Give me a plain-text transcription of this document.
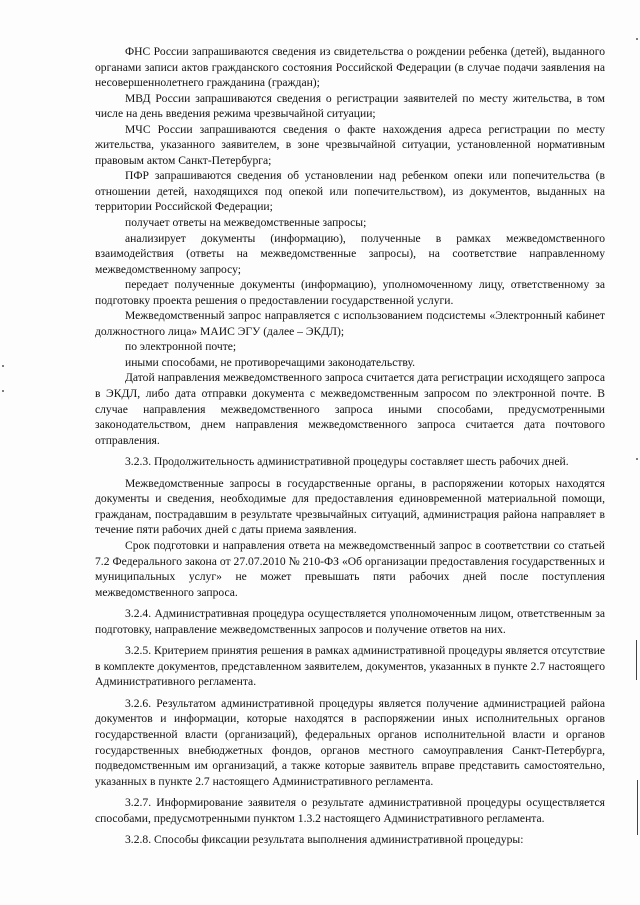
ФНС России запрашиваются сведения из свидетельства о рождении ребенка (детей), выданного органами записи актов гражданского состояния Российской Федерации (в случае подачи заявления на несовершеннолетнего гражданина (граждан);

МВД России запрашиваются сведения о регистрации заявителей по месту жительства, в том числе на день введения режима чрезвычайной ситуации;

МЧС России запрашиваются сведения о факте нахождения адреса регистрации по месту жительства, указанного заявителем, в зоне чрезвычайной ситуации, установленной нормативным правовым актом Санкт-Петербурга;

ПФР запрашиваются сведения об установлении над ребенком опеки или попечительства (в отношении детей, находящихся под опекой или попечительством), из документов, выданных на территории Российской Федерации;

получает ответы на межведомственные запросы;

анализирует документы (информацию), полученные в рамках межведомственного взаимодействия (ответы на межведомственные запросы), на соответствие направленному межведомственному запросу;

передает полученные документы (информацию), уполномоченному лицу, ответственному за подготовку проекта решения о предоставлении государственной услуги.

Межведомственный запрос направляется с использованием подсистемы «Электронный кабинет должностного лица» МАИС ЭГУ (далее – ЭКДЛ);

по электронной почте;

иными способами, не противоречащими законодательству.

Датой направления межведомственного запроса считается дата регистрации исходящего запроса в ЭКДЛ, либо дата отправки документа с межведомственным запросом по электронной почте. В случае направления межведомственного запроса иными способами, предусмотренными законодательством, днем направления межведомственного запроса считается дата почтового отправления.

3.2.3. Продолжительность административной процедуры составляет шесть рабочих дней.

Межведомственные запросы в государственные органы, в распоряжении которых находятся документы и сведения, необходимые для предоставления единовременной материальной помощи, гражданам, пострадавшим в результате чрезвычайных ситуаций, администрация района направляет в течение пяти рабочих дней с даты приема заявления.

Срок подготовки и направления ответа на межведомственный запрос в соответствии со статьей 7.2 Федерального закона от 27.07.2010 № 210-ФЗ «Об организации предоставления государственных и муниципальных услуг» не может превышать пяти рабочих дней после поступления межведомственного запроса.

3.2.4. Административная процедура осуществляется уполномоченным лицом, ответственным за подготовку, направление межведомственных запросов и получение ответов на них.

3.2.5. Критерием принятия решения в рамках административной процедуры является отсутствие в комплекте документов, представленном заявителем, документов, указанных в пункте 2.7 настоящего Административного регламента.

3.2.6. Результатом административной процедуры является получение администрацией района документов и информации, которые находятся в распоряжении иных исполнительных органов государственной власти (организаций), федеральных органов исполнительной власти и органов государственных внебюджетных фондов, органов местного самоуправления Санкт-Петербурга, подведомственным им организаций, а также которые заявитель вправе представить самостоятельно, указанных в пункте 2.7 настоящего Административного регламента.

3.2.7. Информирование заявителя о результате административной процедуры осуществляется способами, предусмотренными пунктом 1.3.2 настоящего Административного регламента.

3.2.8. Способы фиксации результата выполнения административной процедуры:
